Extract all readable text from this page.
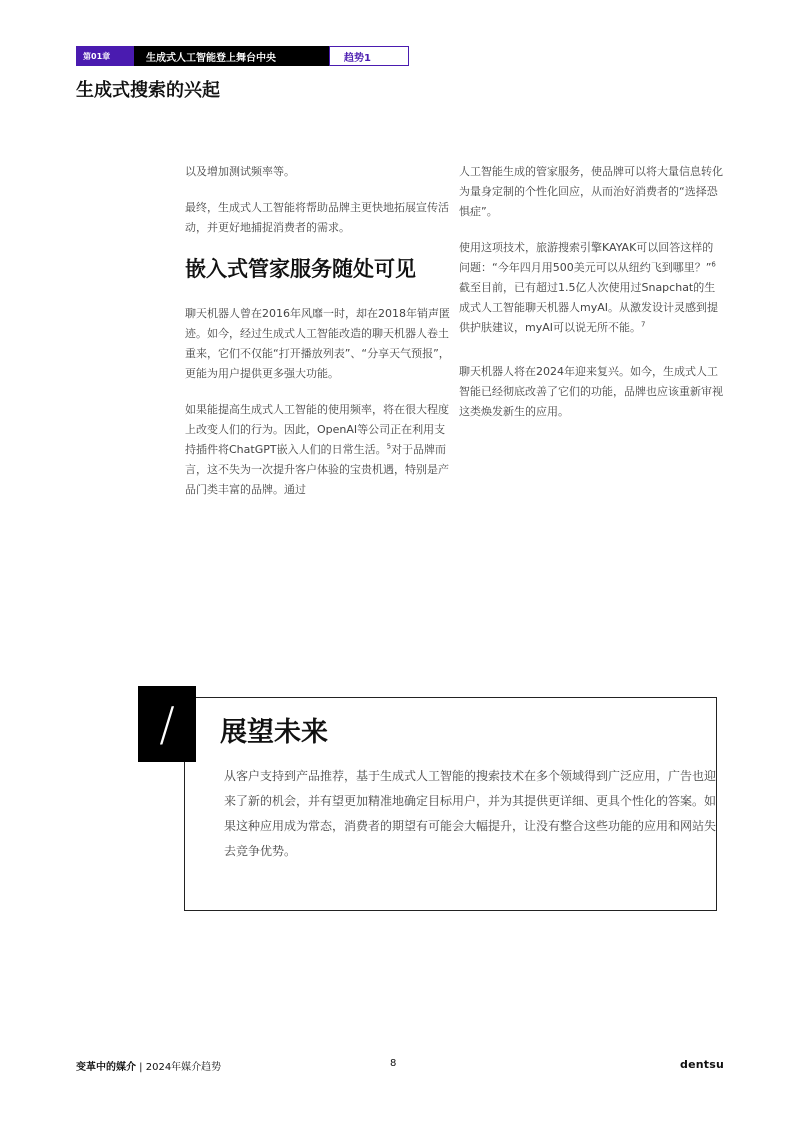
第01章	生成式人工智能登上舞台中央	趋势1
生成式搜索的兴起

以及增加测试频率等。

最终，生成式人工智能将帮助品牌主更快地拓展宣传活动，并更好地捕捉消费者的需求。

嵌入式管家服务随处可见

聊天机器人曾在2016年风靡一时，却在2018年销声匿迹。如今，经过生成式人工智能改造的聊天机器人卷土重来，它们不仅能“打开播放列表”、“分享天气预报”，更能为用户提供更多强大功能。

如果能提高生成式人工智能的使用频率，将在很大程度上改变人们的行为。因此，OpenAI等公司正在利用支持插件将ChatGPT嵌入人们的日常生活。$^5$对于品牌而言，这不失为一次提升客户体验的宝贵机遇，特别是产品门类丰富的品牌。通过

人工智能生成的管家服务，使品牌可以将大量信息转化为量身定制的个性化回应，从而治好消费者的“选择恐惧症”。

使用这项技术，旅游搜索引擎KAYAK可以回答这样的问题：“今年四月用500美元可以从纽约飞到哪里？”$^6$截至目前，已有超过1.5亿人次使用过Snapchat的生成式人工智能聊天机器人myAI。从激发设计灵感到提供护肤建议，myAI可以说无所不能。$^7$

聊天机器人将在2024年迎来复兴。如今，生成式人工智能已经彻底改善了它们的功能，品牌也应该重新审视这类焕发新生的应用。

/	展望未来

从客户支持到产品推荐，基于生成式人工智能的搜索技术在多个领域得到广泛应用，广告也迎来了新的机会，并有望更加精准地确定目标用户，并为其提供更详细、更具个性化的答案。如果这种应用成为常态，消费者的期望有可能会大幅提升，让没有整合这些功能的应用和网站失去竞争优势。

变革中的媒介 | 2024年媒介趋势	8	dentsu
